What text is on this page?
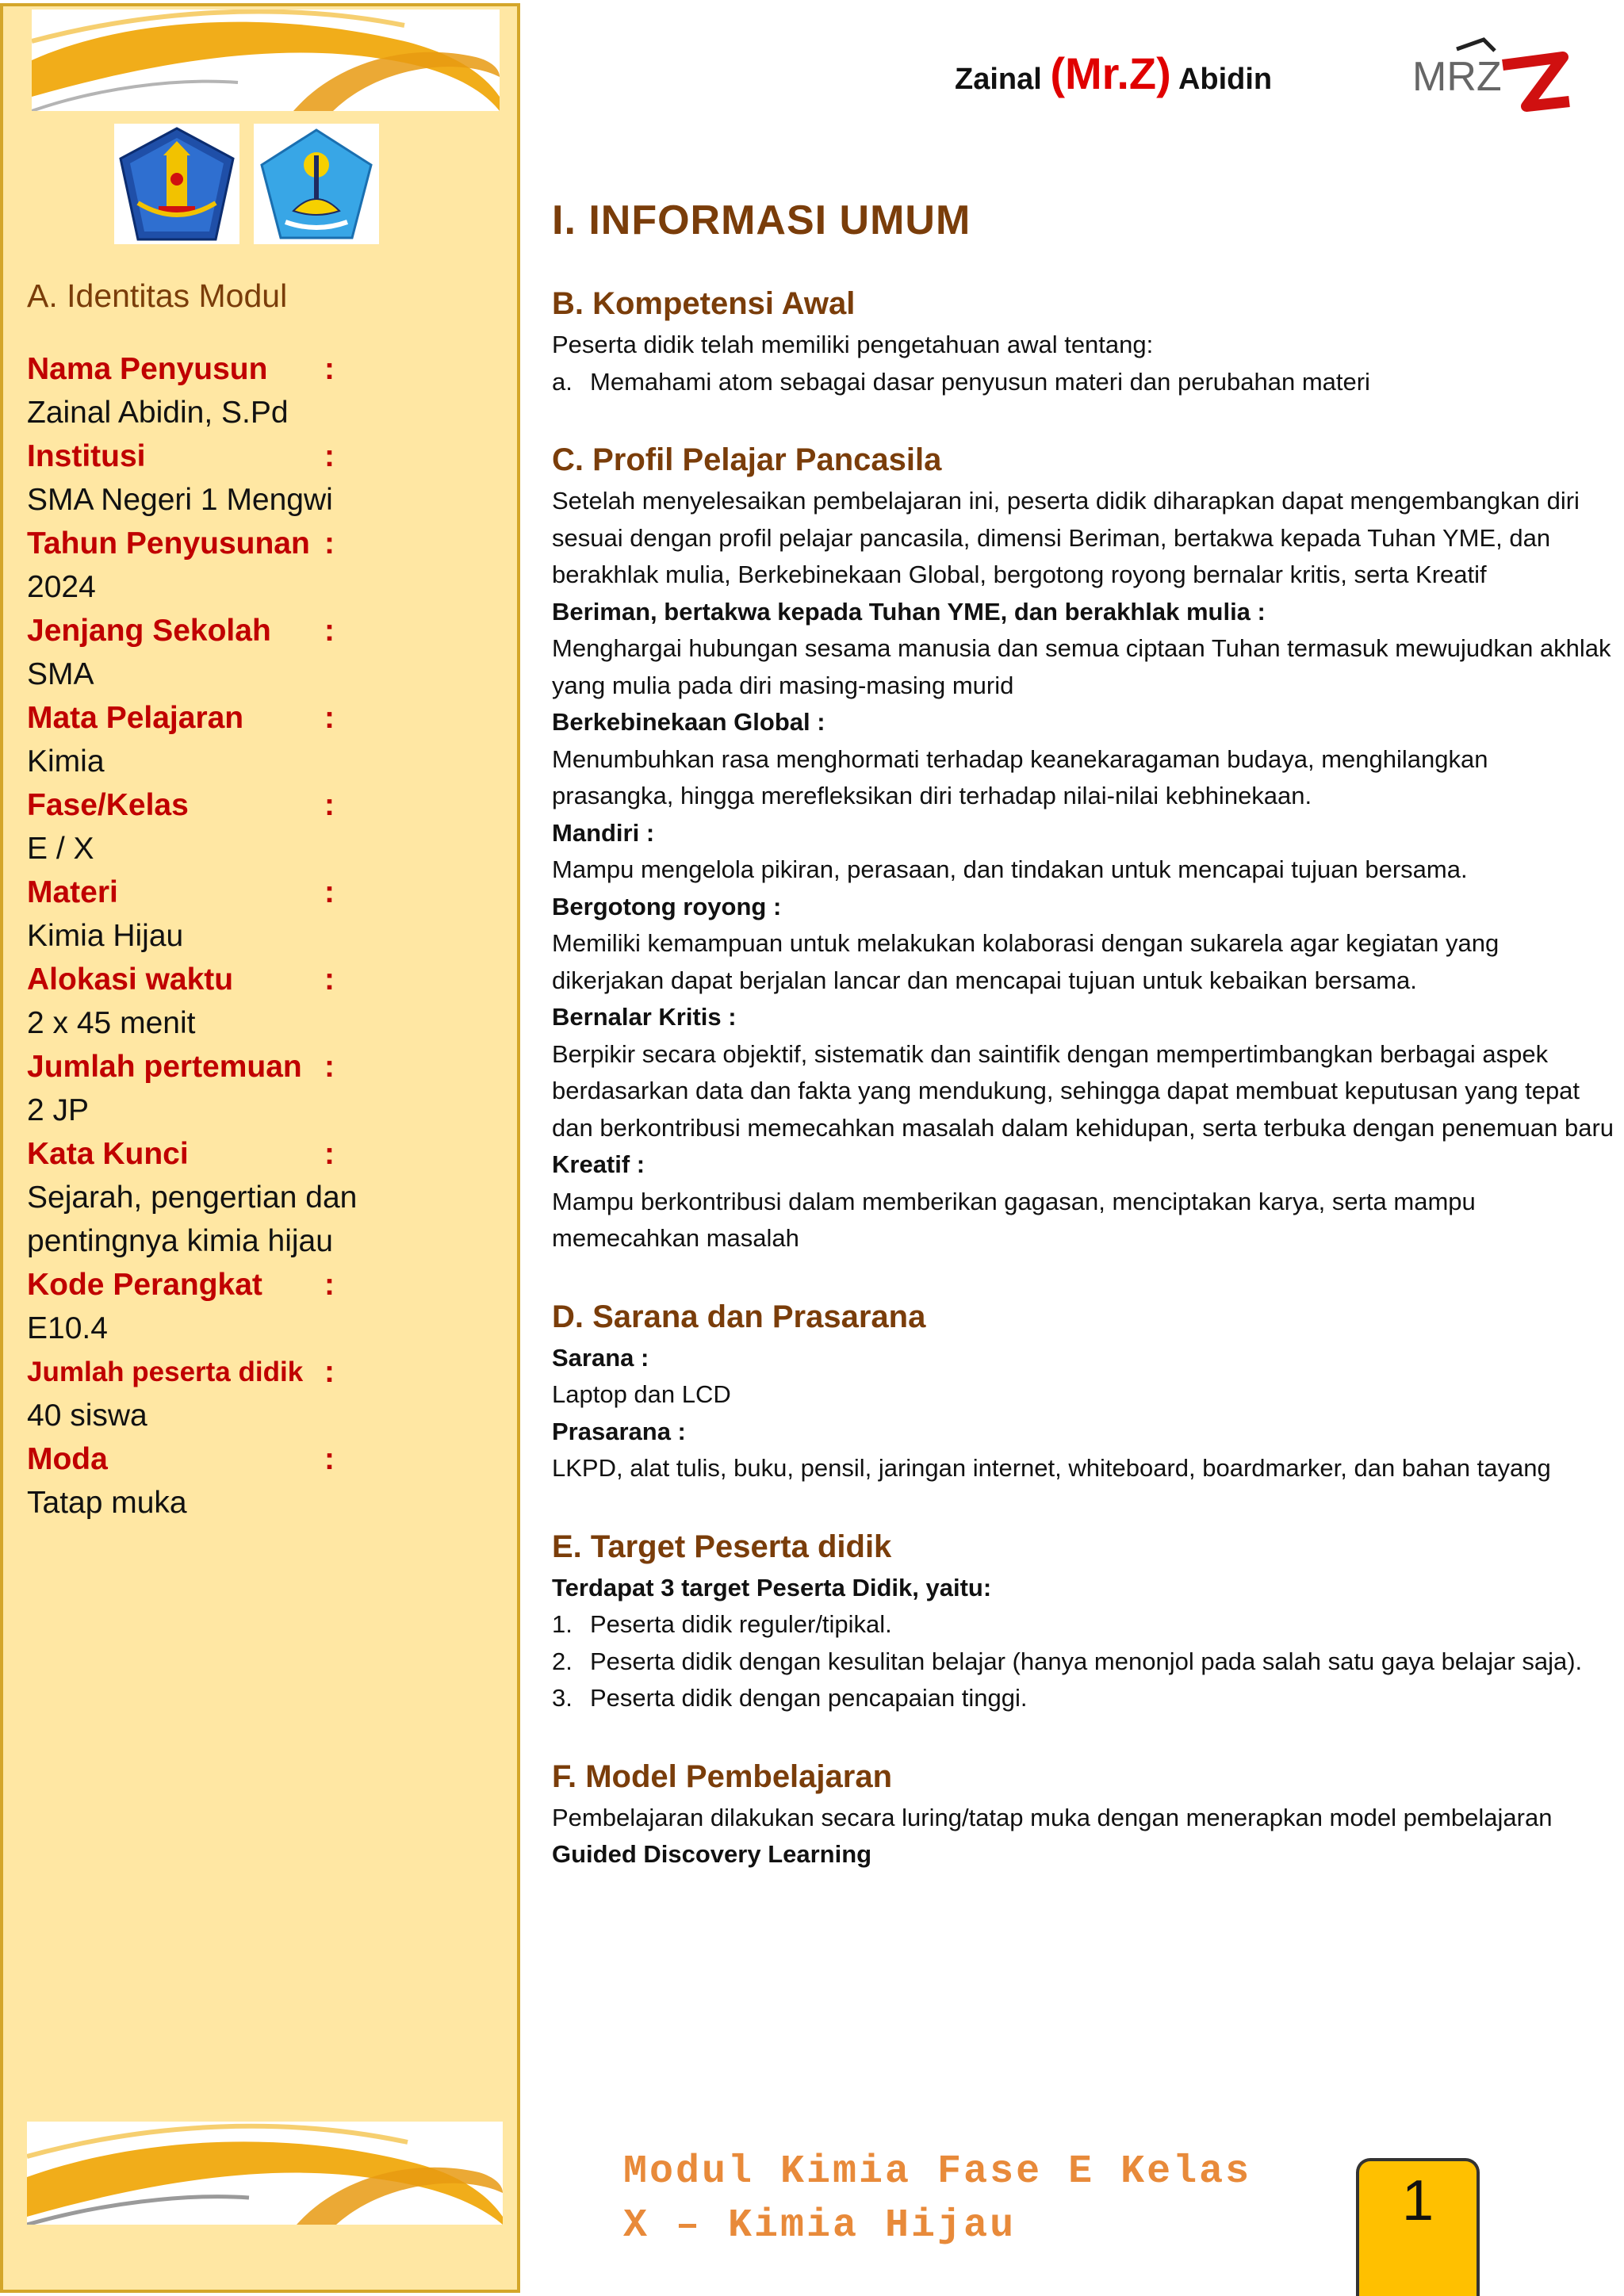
A. Identitas Modul
Nama Penyusun	:
Zainal Abidin, S.Pd
Institusi	:
SMA Negeri 1 Mengwi
Tahun Penyusunan :
2024
Jenjang Sekolah	:
SMA
Mata Pelajaran	:
Kimia
Fase/Kelas	:
E / X
Materi	:
Kimia Hijau
Alokasi waktu	:
2 x 45 menit
Jumlah pertemuan :
2 JP
Kata Kunci	:
Sejarah, pengertian dan pentingnya kimia hijau
Kode Perangkat	:
E10.4
Jumlah peserta didik :
40 siswa
Moda	:
Tatap muka
Zainal (Mr.Z) Abidin	MRZ
I. INFORMASI UMUM
B. Kompetensi Awal

Peserta didik telah memiliki pengetahuan awal tentang:

a. Memahami atom sebagai dasar penyusun materi dan perubahan materi
C. Profil Pelajar Pancasila

Setelah menyelesaikan pembelajaran ini, peserta didik diharapkan dapat mengembangkan diri sesuai dengan profil pelajar pancasila, dimensi Beriman, bertakwa kepada Tuhan YME, dan berakhlak mulia, Berkebinekaan Global, bergotong royong bernalar kritis, serta Kreatif

Beriman, bertakwa kepada Tuhan YME, dan berakhlak mulia :

Menghargai hubungan sesama manusia dan semua ciptaan Tuhan termasuk mewujudkan akhlak yang mulia pada diri masing-masing murid

Berkebinekaan Global :

Menumbuhkan rasa menghormati terhadap keanekaragaman budaya, menghilangkan prasangka, hingga merefleksikan diri terhadap nilai-nilai kebhinekaan.

Mandiri :

Mampu mengelola pikiran, perasaan, dan tindakan untuk mencapai tujuan bersama.

Bergotong royong :

Memiliki kemampuan untuk melakukan kolaborasi dengan sukarela agar kegiatan yang dikerjakan dapat berjalan lancar dan mencapai tujuan untuk kebaikan bersama.

Bernalar Kritis :

Berpikir secara objektif, sistematik dan saintifik dengan mempertimbangkan berbagai aspek berdasarkan data dan fakta yang mendukung, sehingga dapat membuat keputusan yang tepat dan berkontribusi memecahkan masalah dalam kehidupan, serta terbuka dengan penemuan baru

Kreatif :

Mampu berkontribusi dalam memberikan gagasan, menciptakan karya, serta mampu memecahkan masalah

D. Sarana dan Prasarana

Sarana :

Laptop dan LCD

Prasarana :

LKPD, alat tulis, buku, pensil, jaringan internet, whiteboard, boardmarker, dan bahan tayang

E. Target Peserta didik

Terdapat 3 target Peserta Didik, yaitu:

1. Peserta didik reguler/tipikal.
2. Peserta didik dengan kesulitan belajar (hanya menonjol pada salah satu gaya belajar saja).
3. Peserta didik dengan pencapaian tinggi.
F. Model Pembelajaran

Pembelajaran dilakukan secara luring/tatap muka dengan menerapkan model pembelajaran Guided Discovery Learning

Modul Kimia Fase E Kelas
X – Kimia Hijau	1
